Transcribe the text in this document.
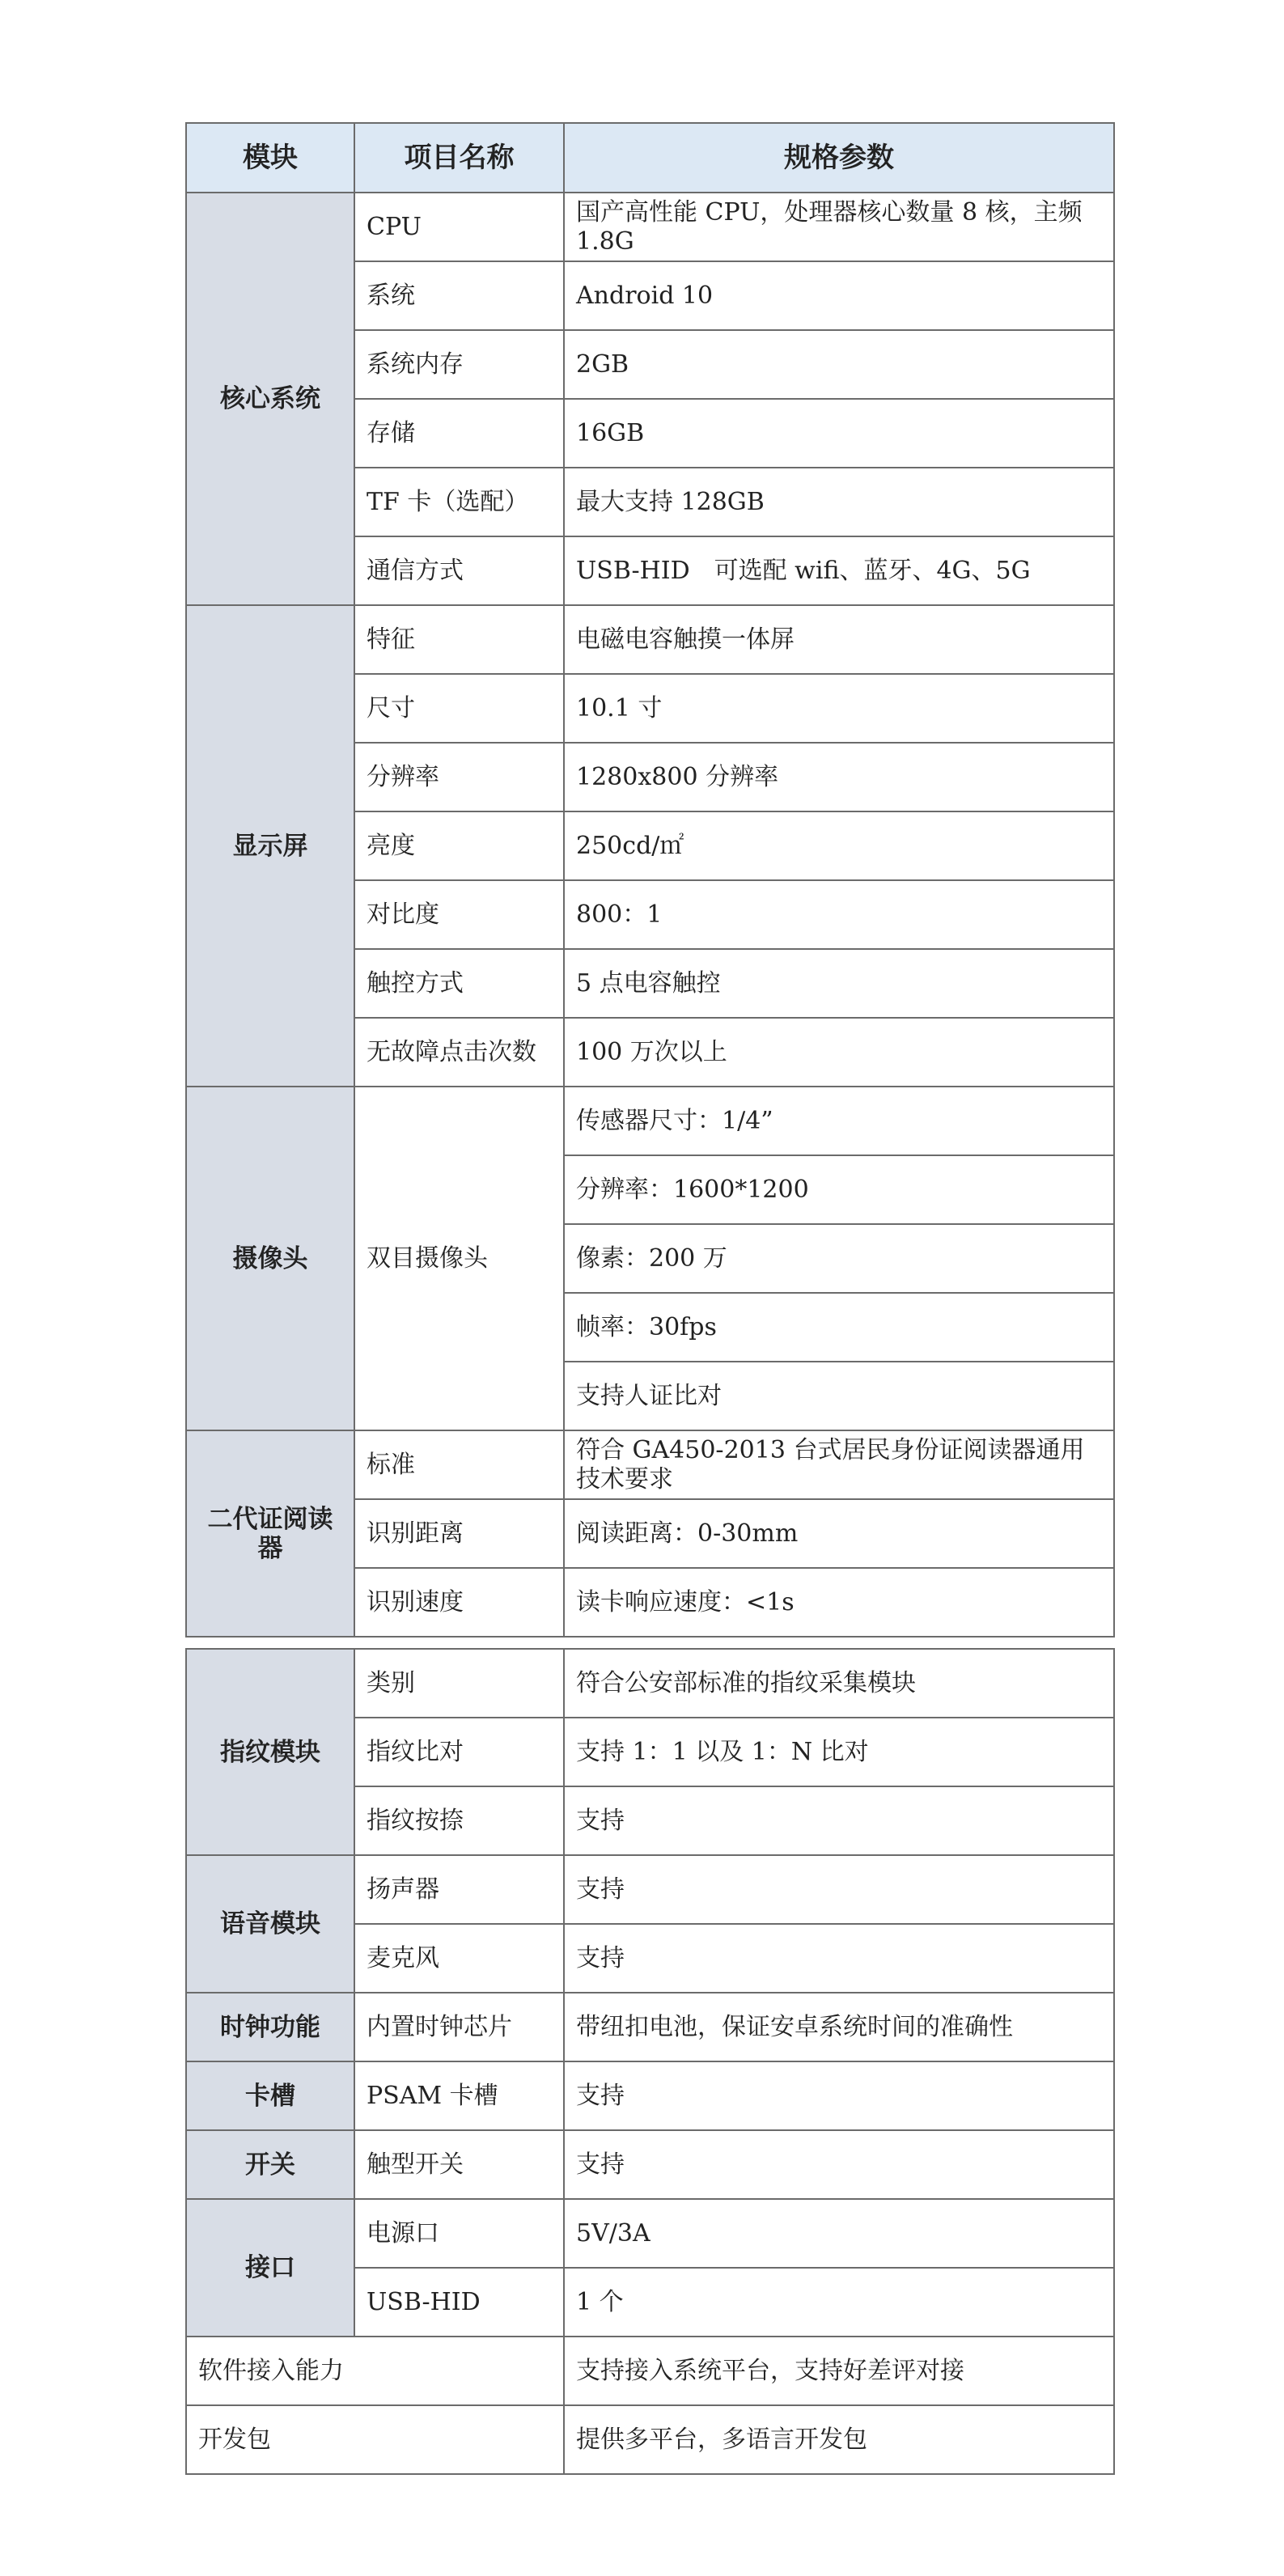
模块	项目名称	规格参数
核心系统	CPU	国产高性能 CPU，处理器核心数量 8 核，主频 1.8G
	系统	Android 10
	系统内存	2GB
	存储	16GB
	TF 卡（选配）	最大支持 128GB
	通信方式	USB-HID　可选配 wifi、蓝牙、4G、5G
显示屏	特征	电磁电容触摸一体屏
	尺寸	10.1 寸
	分辨率	1280x800 分辨率
	亮度	250cd/㎡
	对比度	800：1
	触控方式	5 点电容触控
	无故障点击次数	100 万次以上
摄像头	双目摄像头	传感器尺寸：1/4”
		分辨率：1600*1200
		像素：200 万
		帧率：30fps
		支持人证比对
二代证阅读器	标准	符合 GA450-2013 台式居民身份证阅读器通用技术要求
	识别距离	阅读距离：0-30mm
	识别速度	读卡响应速度：<1s
指纹模块	类别	符合公安部标准的指纹采集模块
	指纹比对	支持 1：1 以及 1：N 比对
	指纹按捺	支持
语音模块	扬声器	支持
	麦克风	支持
时钟功能	内置时钟芯片	带纽扣电池，保证安卓系统时间的准确性
卡槽	PSAM 卡槽	支持
开关	触型开关	支持
接口	电源口	5V/3A
	USB-HID	1 个
软件接入能力		支持接入系统平台，支持好差评对接
开发包		提供多平台，多语言开发包
